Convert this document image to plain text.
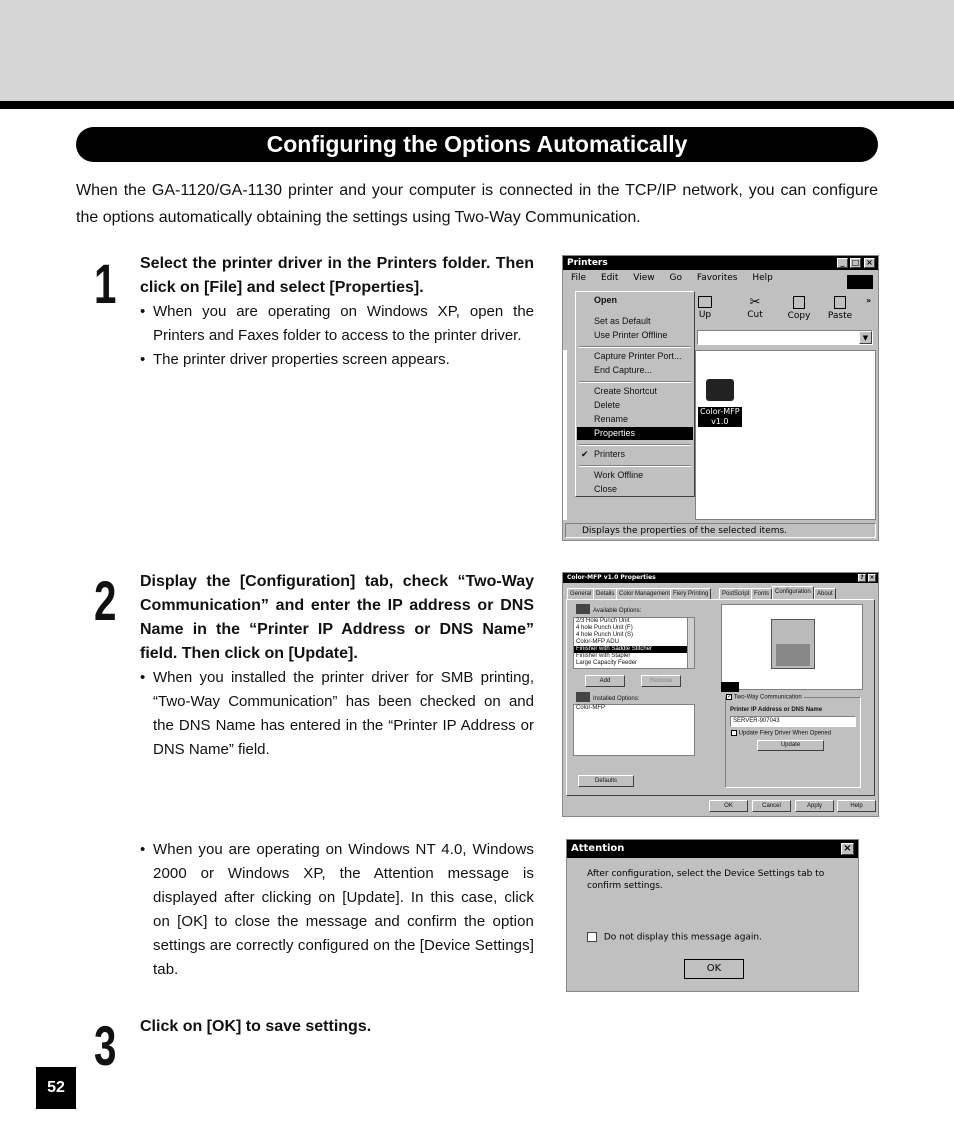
Configuring the Options Automatically

When the GA-1120/GA-1130 printer and your computer is connected in the TCP/IP network, you can configure the options automatically obtaining the settings using Two-Way Communication.

1 Select the printer driver in the Printers folder. Then click on [File] and select [Properties].

• When you are operating on Windows XP, open the Printers and Faxes folder to access to the printer driver.

• The printer driver properties screen appears.

2 Display the [Configuration] tab, check “Two-Way Communication” and enter the IP address or DNS Name in the “Printer IP Address or DNS Name” field. Then click on [Update].

• When you installed the printer driver for SMB printing, “Two-Way Communication” has been checked on and the DNS Name has entered in the “Printer IP Address or DNS Name” field.

• When you are operating on Windows NT 4.0, Windows 2000 or Windows XP, the Attention message is displayed after clicking on [Update]. In this case, click on [OK] to close the message and confirm the option settings are correctly configured on the [Device Settings] tab.

3 Click on [OK] to save settings.

52
Printers	_ □ ×
File Edit View Go Favorites Help
Up
✂
Cut	Copy Paste
»
▼
Color-MFP
v1.0
Displays the properties of the selected items.
Open
Set as Default
Use Printer Offline
Capture Printer Port...
End Capture...
Create Shortcut
Delete
Rename
Properties
✔ Printers
Work Offline
Close
Color-MFP v1.0 Properties	? ×
General Details Color Management Fiery Printing	PostScript Fonts Configuration	About
Available Options:
2/3 Hole Punch Unit
4 hole Punch Unit (F)
4 hole Punch Unit (S)
Color-MFP ADU
Finisher with Saddle Stitcher
Finisher with Stapler
Large Capacity Feeder
Add	Remove
Installed Options:
Color-MFP
Defaults
✓ Two-Way Communication
Printer IP Address or DNS Name
SERVER-907043
Update Fiery Driver When Opened
Update
OK	Cancel	Apply	Help
Attention	×
After configuration, select the Device Settings tab to confirm settings.
Do not display this message again.
OK
